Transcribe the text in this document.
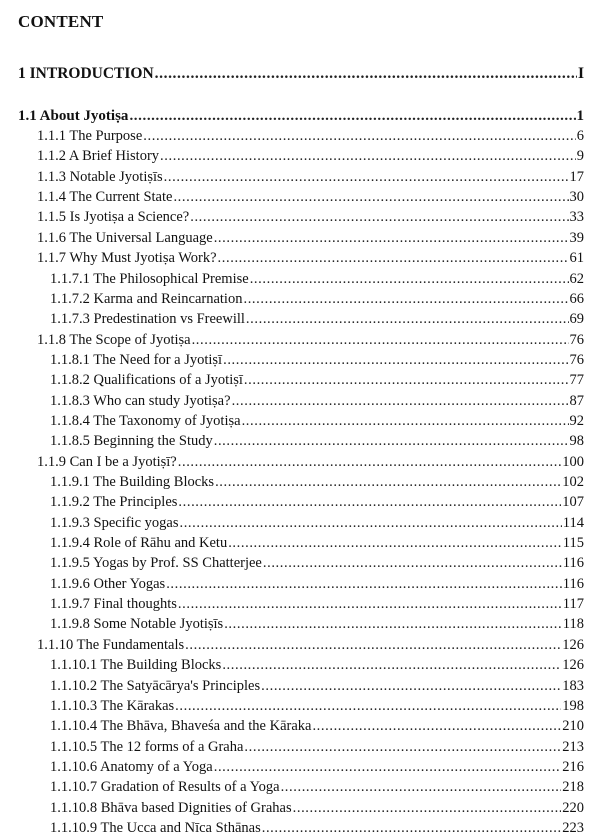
CONTENT
1 INTRODUCTION .....	I
1.1 About Jyotiṣa .....	1
1.1.1 The Purpose .....	6
1.1.2 A Brief History .....	9
1.1.3 Notable Jyotiṣīs .....	17
1.1.4 The Current State .....	30
1.1.5 Is Jyotiṣa a Science? .....	33
1.1.6 The Universal Language .....	39
1.1.7 Why Must Jyotiṣa Work? .....	61
1.1.7.1 The Philosophical Premise .....	62
1.1.7.2 Karma and Reincarnation .....	66
1.1.7.3 Predestination vs Freewill .....	69
1.1.8 The Scope of Jyotiṣa .....	76
1.1.8.1 The Need for a Jyotiṣī .....	76
1.1.8.2 Qualifications of a Jyotiṣī .....	77
1.1.8.3 Who can study Jyotiṣa? .....	87
1.1.8.4 The Taxonomy of Jyotiṣa .....	92
1.1.8.5 Beginning the Study .....	98
1.1.9 Can I be a Jyotiṣī? .....	100
1.1.9.1 The Building Blocks .....	102
1.1.9.2 The Principles .....	107
1.1.9.3 Specific yogas .....	114
1.1.9.4 Role of Rāhu and Ketu .....	115
1.1.9.5 Yogas by Prof. SS Chatterjee .....	116
1.1.9.6 Other Yogas .....	116
1.1.9.7 Final thoughts .....	117
1.1.9.8 Some Notable Jyotiṣīs .....	118
1.1.10 The Fundamentals .....	126
1.1.10.1 The Building Blocks .....	126
1.1.10.2 The Satyācārya's Principles .....	183
1.1.10.3 The Kārakas .....	198
1.1.10.4 The Bhāva, Bhaveśa and the Kāraka .....	210
1.1.10.5 The 12 forms of a Graha .....	213
1.1.10.6 Anatomy of a Yoga .....	216
1.1.10.7 Gradation of Results of a Yoga .....	218
1.1.10.8 Bhāva based Dignities of Grahas .....	220
1.1.10.9 The Ucca and Nīca Sthānas .....	223
